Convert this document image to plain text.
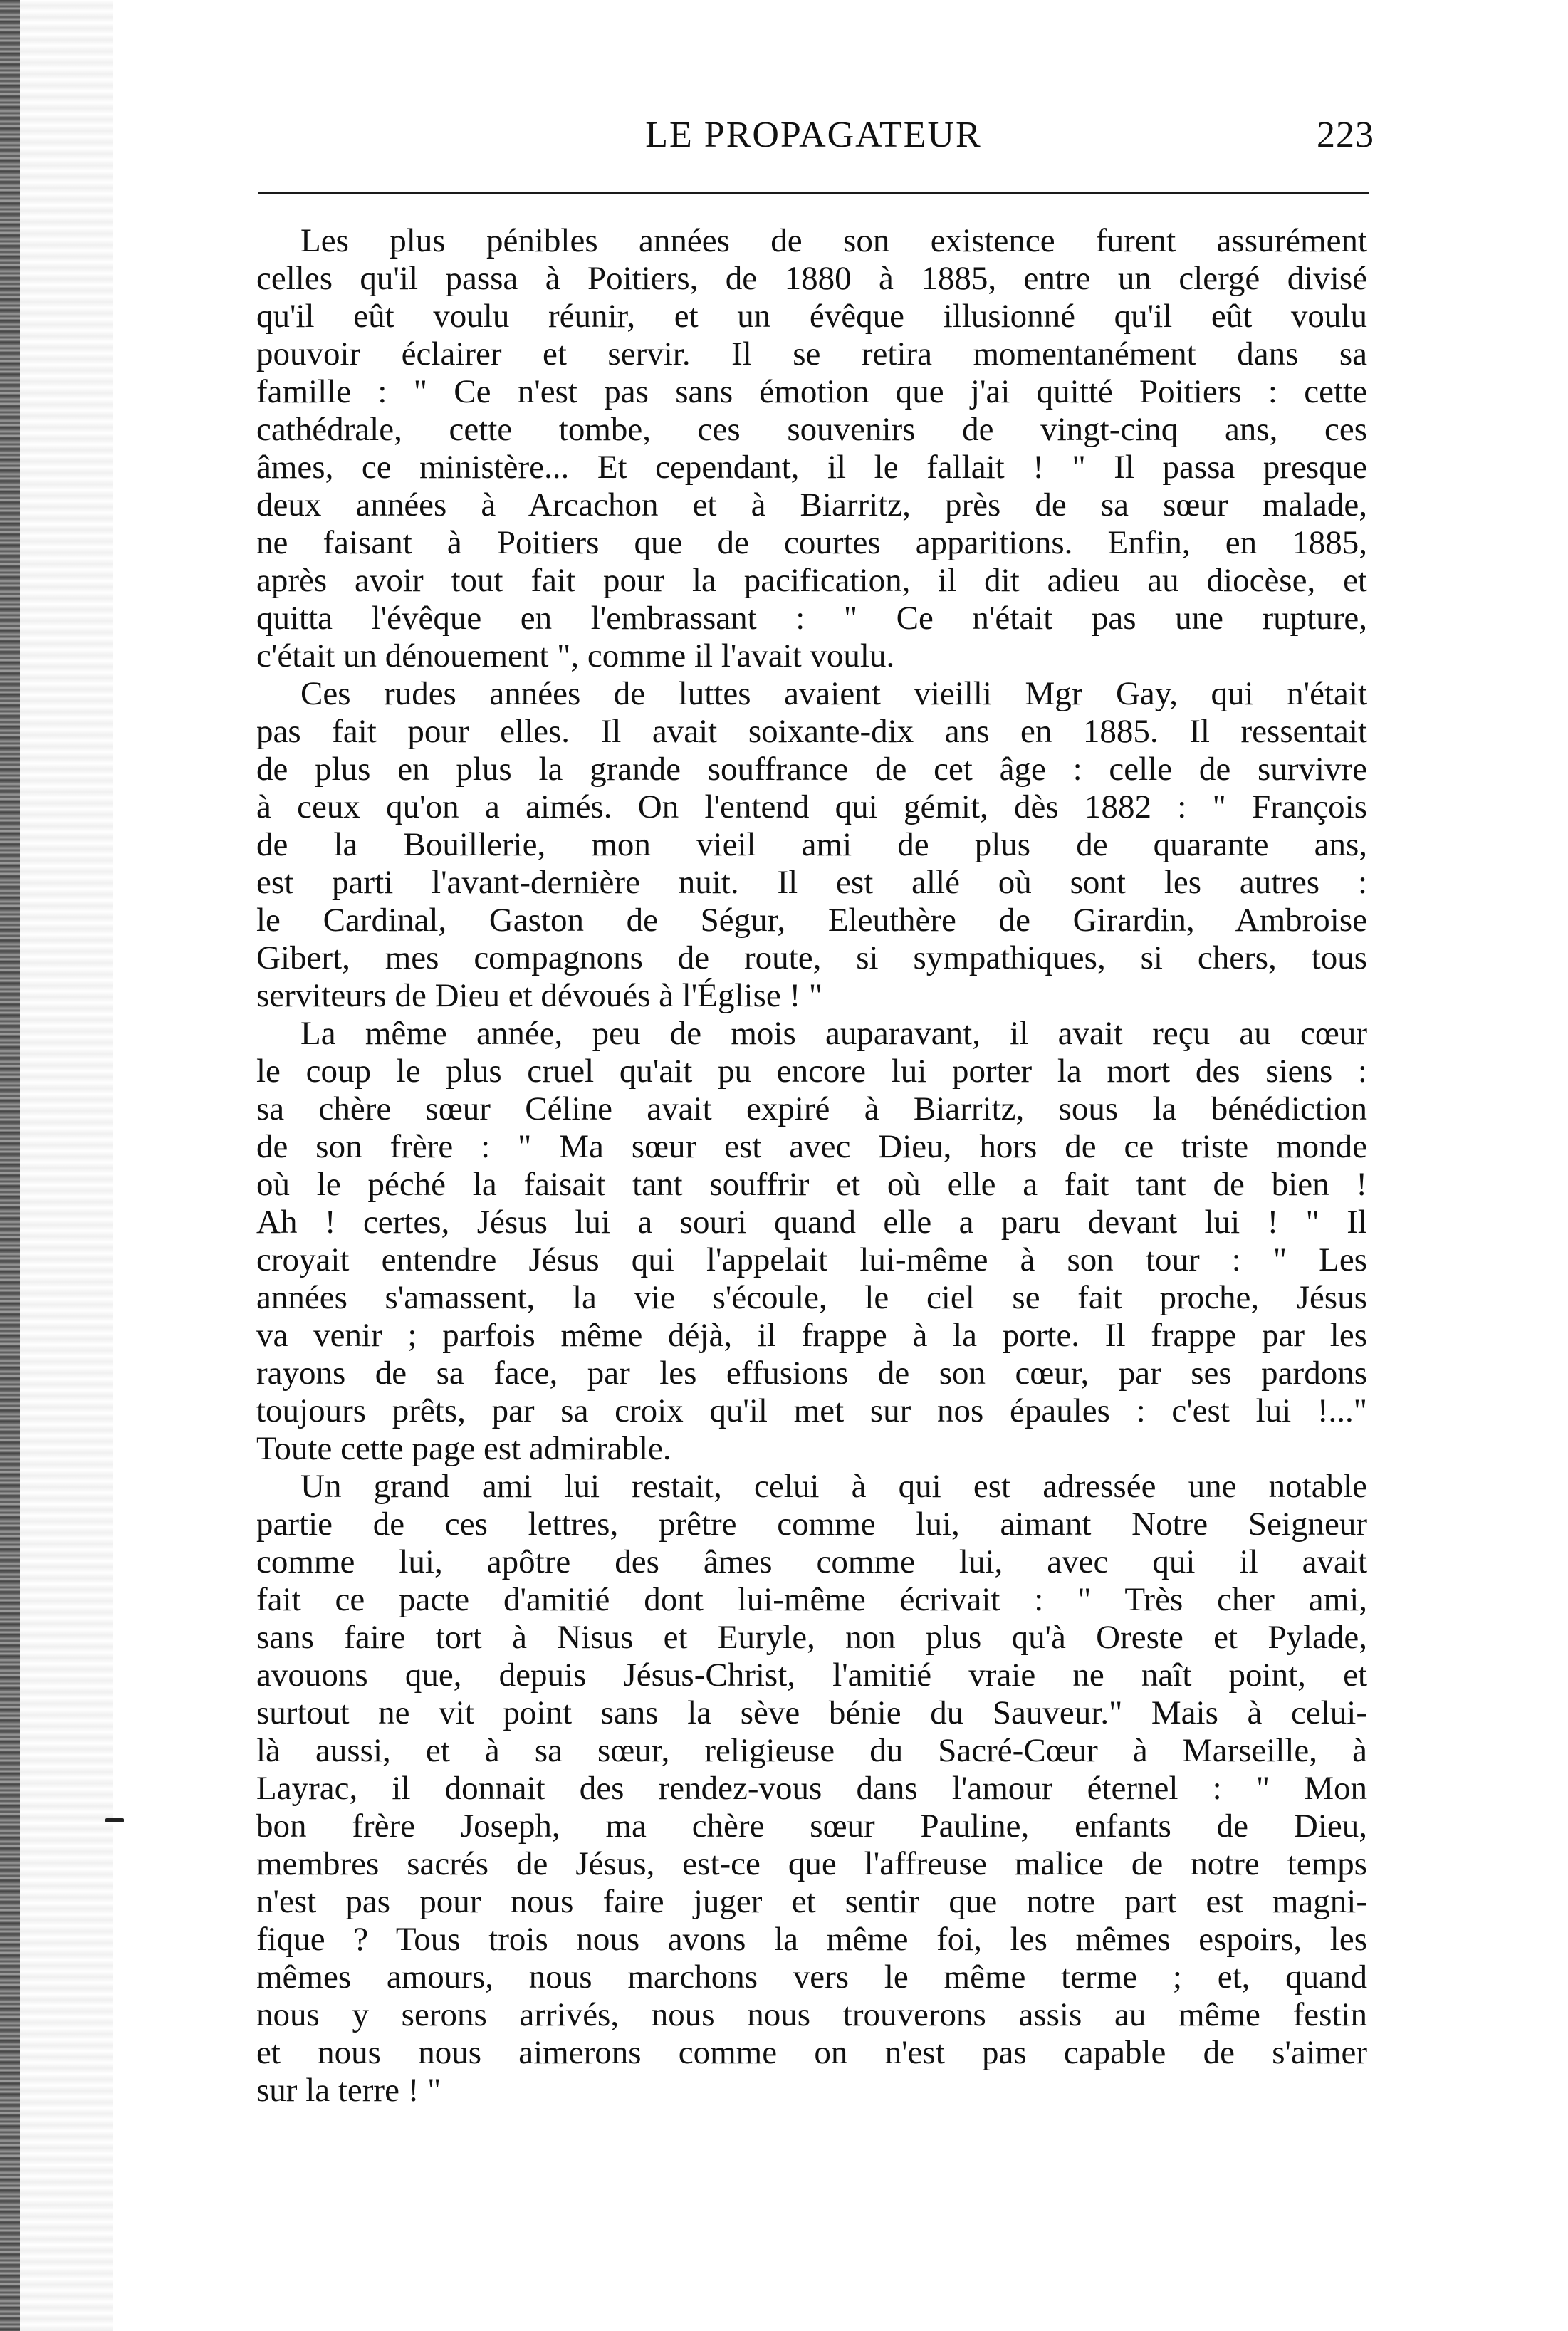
LE PROPAGATEUR	223
Les plus pénibles années de son existence furent assurément
celles qu'il passa à Poitiers, de 1880 à 1885, entre un clergé divisé
qu'il eût voulu réunir, et un évêque illusionné qu'il eût voulu
pouvoir éclairer et servir. Il se retira momentanément dans sa
famille : " Ce n'est pas sans émotion que j'ai quitté Poitiers : cette
cathédrale, cette tombe, ces souvenirs de vingt-cinq ans, ces
âmes, ce ministère... Et cependant, il le fallait ! " Il passa presque
deux années à Arcachon et à Biarritz, près de sa sœur malade,
ne faisant à Poitiers que de courtes apparitions. Enfin, en 1885,
après avoir tout fait pour la pacification, il dit adieu au diocèse, et
quitta l'évêque en l'embrassant : " Ce n'était pas une rupture,
c'était un dénouement ", comme il l'avait voulu.
Ces rudes années de luttes avaient vieilli Mgr Gay, qui n'était
pas fait pour elles. Il avait soixante-dix ans en 1885. Il ressentait
de plus en plus la grande souffrance de cet âge : celle de survivre
à ceux qu'on a aimés. On l'entend qui gémit, dès 1882 : " François
de la Bouillerie, mon vieil ami de plus de quarante ans,
est parti l'avant-dernière nuit. Il est allé où sont les autres :
le Cardinal, Gaston de Ségur, Eleuthère de Girardin, Ambroise
Gibert, mes compagnons de route, si sympathiques, si chers, tous
serviteurs de Dieu et dévoués à l'Église ! "
La même année, peu de mois auparavant, il avait reçu au cœur
le coup le plus cruel qu'ait pu encore lui porter la mort des siens :
sa chère sœur Céline avait expiré à Biarritz, sous la bénédiction
de son frère : " Ma sœur est avec Dieu, hors de ce triste monde
où le péché la faisait tant souffrir et où elle a fait tant de bien !
Ah ! certes, Jésus lui a souri quand elle a paru devant lui ! " Il
croyait entendre Jésus qui l'appelait lui-même à son tour : " Les
années s'amassent, la vie s'écoule, le ciel se fait proche, Jésus
va venir ; parfois même déjà, il frappe à la porte. Il frappe par les
rayons de sa face, par les effusions de son cœur, par ses pardons
toujours prêts, par sa croix qu'il met sur nos épaules : c'est lui !..."
Toute cette page est admirable.
Un grand ami lui restait, celui à qui est adressée une notable
partie de ces lettres, prêtre comme lui, aimant Notre Seigneur
comme lui, apôtre des âmes comme lui, avec qui il avait
fait ce pacte d'amitié dont lui-même écrivait : " Très cher ami,
sans faire tort à Nisus et Euryle, non plus qu'à Oreste et Pylade,
avouons que, depuis Jésus-Christ, l'amitié vraie ne naît point, et
surtout ne vit point sans la sève bénie du Sauveur." Mais à celui-
là aussi, et à sa sœur, religieuse du Sacré-Cœur à Marseille, à
Layrac, il donnait des rendez-vous dans l'amour éternel : " Mon
bon frère Joseph, ma chère sœur Pauline, enfants de Dieu,
membres sacrés de Jésus, est-ce que l'affreuse malice de notre temps
n'est pas pour nous faire juger et sentir que notre part est magni-
fique ? Tous trois nous avons la même foi, les mêmes espoirs, les
mêmes amours, nous marchons vers le même terme ; et, quand
nous y serons arrivés, nous nous trouverons assis au même festin
et nous nous aimerons comme on n'est pas capable de s'aimer
sur la terre ! "
